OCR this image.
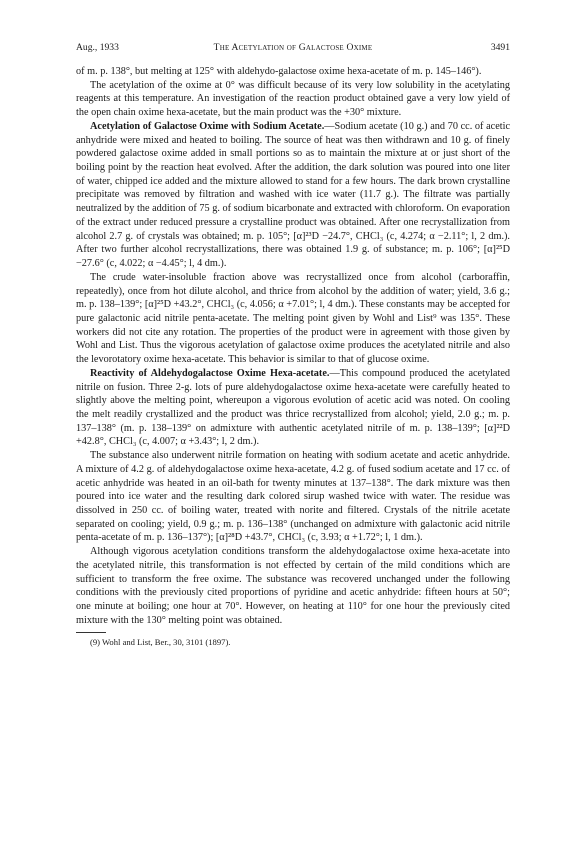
Aug., 1933	The Acetylation of Galactose Oxime	3491

of m. p. 138°, but melting at 125° with aldehydo-galactose oxime hexa-acetate of m. p. 145–146°).

The acetylation of the oxime at 0° was difficult because of its very low solubility in the acetylating reagents at this temperature. An investigation of the reaction product obtained gave a very low yield of the open chain oxime hexa-acetate, but the main product was the +30° mixture.

Acetylation of Galactose Oxime with Sodium Acetate.—Sodium acetate (10 g.) and 70 cc. of acetic anhydride were mixed and heated to boiling. The source of heat was then withdrawn and 10 g. of finely powdered galactose oxime added in small portions so as to maintain the mixture at or just short of the boiling point by the reaction heat evolved. After the addition, the dark solution was poured into one liter of water, chipped ice added and the mixture allowed to stand for a few hours. The dark brown crystalline precipitate was removed by filtration and washed with ice water (11.7 g.). The filtrate was partially neutralized by the addition of 75 g. of sodium bicarbonate and extracted with chloroform. On evaporation of the extract under reduced pressure a crystalline product was obtained. After one recrystallization from alcohol 2.7 g. of crystals was obtained; m. p. 105°; [α]²³D −24.7°, CHCl₃ (c, 4.274; α −2.11°; l, 2 dm.). After two further alcohol recrystallizations, there was obtained 1.9 g. of substance; m. p. 106°; [α]²⁵D −27.6° (c, 4.022; α −4.45°; l, 4 dm.).

The crude water-insoluble fraction above was recrystallized once from alcohol (carboraffin, repeatedly), once from hot dilute alcohol, and thrice from alcohol by the addition of water; yield, 3.6 g.; m. p. 138–139°; [α]²⁵D +43.2°, CHCl₃ (c, 4.056; α +7.01°; l, 4 dm.). These constants may be accepted for pure galactonic acid nitrile penta-acetate. The melting point given by Wohl and List⁹ was 135°. These workers did not cite any rotation. The properties of the product were in agreement with those given by Wohl and List. Thus the vigorous acetylation of galactose oxime produces the acetylated nitrile and also the levorotatory oxime hexa-acetate. This behavior is similar to that of glucose oxime.

Reactivity of Aldehydogalactose Oxime Hexa-acetate.—This compound produced the acetylated nitrile on fusion. Three 2-g. lots of pure aldehydogalactose oxime hexa-acetate were carefully heated to slightly above the melting point, whereupon a vigorous evolution of acetic acid was noted. On cooling the melt readily crystallized and the product was thrice recrystallized from alcohol; yield, 2.0 g.; m. p. 137–138° (m. p. 138–139° on admixture with authentic acetylated nitrile of m. p. 138–139°; [α]²²D +42.8°, CHCl₃ (c, 4.007; α +3.43°; l, 2 dm.).

The substance also underwent nitrile formation on heating with sodium acetate and acetic anhydride. A mixture of 4.2 g. of aldehydogalactose oxime hexa-acetate, 4.2 g. of fused sodium acetate and 17 cc. of acetic anhydride was heated in an oil-bath for twenty minutes at 137–138°. The dark mixture was then poured into ice water and the resulting dark colored sirup washed twice with water. The residue was dissolved in 250 cc. of boiling water, treated with norite and filtered. Crystals of the nitrile acetate separated on cooling; yield, 0.9 g.; m. p. 136–138° (unchanged on admixture with galactonic acid nitrile penta-acetate of m. p. 136–137°); [α]²⁸D +43.7°, CHCl₃ (c, 3.93; α +1.72°; l, 1 dm.).

Although vigorous acetylation conditions transform the aldehydogalactose oxime hexa-acetate into the acetylated nitrile, this transformation is not effected by certain of the mild conditions which are sufficient to transform the free oxime. The substance was recovered unchanged under the following conditions with the previously cited proportions of pyridine and acetic anhydride: fifteen hours at 50°; one minute at boiling; one hour at 70°. However, on heating at 110° for one hour the previously cited mixture with the 130° melting point was obtained.

(9) Wohl and List, Ber., 30, 3101 (1897).
